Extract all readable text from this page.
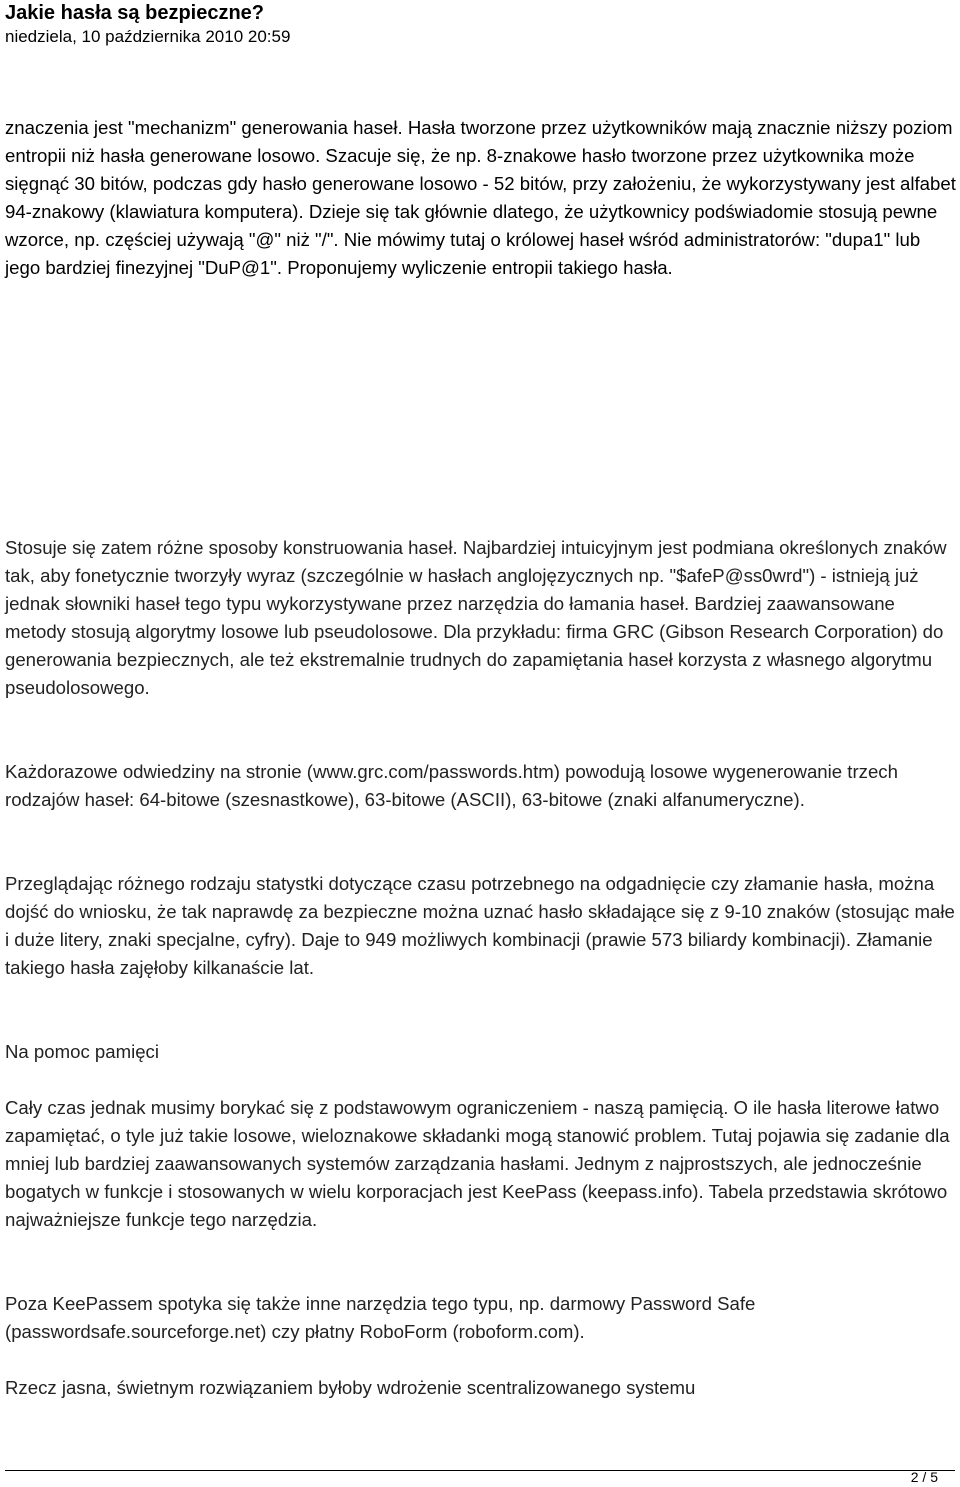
Jakie hasła są bezpieczne?

niedziela, 10 października 2010 20:59

znaczenia jest "mechanizm" generowania haseł. Hasła tworzone przez użytkowników mają znacznie niższy poziom entropii niż hasła generowane losowo. Szacuje się, że np. 8-znakowe hasło tworzone przez użytkownika może sięgnąć 30 bitów, podczas gdy hasło generowane losowo - 52 bitów, przy założeniu, że wykorzystywany jest alfabet 94-znakowy (klawiatura komputera). Dzieje się tak głównie dlatego, że użytkownicy podświadomie stosują pewne wzorce, np. częściej używają "@" niż "/". Nie mówimy tutaj o królowej haseł wśród administratorów: "dupa1" lub jego bardziej finezyjnej "DuP@1". Proponujemy wyliczenie entropii takiego hasła.

Stosuje się zatem różne sposoby konstruowania haseł. Najbardziej intuicyjnym jest podmiana określonych znaków tak, aby fonetycznie tworzyły wyraz (szczególnie w hasłach anglojęzycznych np. "$afeP@ss0wrd") - istnieją już jednak słowniki haseł tego typu wykorzystywane przez narzędzia do łamania haseł. Bardziej zaawansowane metody stosują algorytmy losowe lub pseudolosowe. Dla przykładu: firma GRC (Gibson Research Corporation) do generowania bezpiecznych, ale też ekstremalnie trudnych do zapamiętania haseł korzysta z własnego algorytmu pseudolosowego.

Każdorazowe odwiedziny na stronie (www.grc.com/passwords.htm) powodują losowe wygenerowanie trzech rodzajów haseł: 64-bitowe (szesnastkowe), 63-bitowe (ASCII), 63-bitowe (znaki alfanumeryczne).

Przeglądając różnego rodzaju statystki dotyczące czasu potrzebnego na odgadnięcie czy złamanie hasła, można dojść do wniosku, że tak naprawdę za bezpieczne można uznać hasło składające się z 9-10 znaków (stosując małe i duże litery, znaki specjalne, cyfry). Daje to 949 możliwych kombinacji (prawie 573 biliardy kombinacji). Złamanie takiego hasła zajęłoby kilkanaście lat.

Na pomoc pamięci

Cały czas jednak musimy borykać się z podstawowym ograniczeniem - naszą pamięcią. O ile hasła literowe łatwo zapamiętać, o tyle już takie losowe, wieloznakowe składanki mogą stanowić problem. Tutaj pojawia się zadanie dla mniej lub bardziej zaawansowanych systemów zarządzania hasłami. Jednym z najprostszych, ale jednocześnie bogatych w funkcje i stosowanych w wielu korporacjach jest KeePass (keepass.info). Tabela przedstawia skrótowo najważniejsze funkcje tego narzędzia.

Poza KeePassem spotyka się także inne narzędzia tego typu, np. darmowy Password Safe (passwordsafe.sourceforge.net) czy płatny RoboForm (roboform.com).

Rzecz jasna, świetnym rozwiązaniem byłoby wdrożenie scentralizowanego systemu

2 / 5
